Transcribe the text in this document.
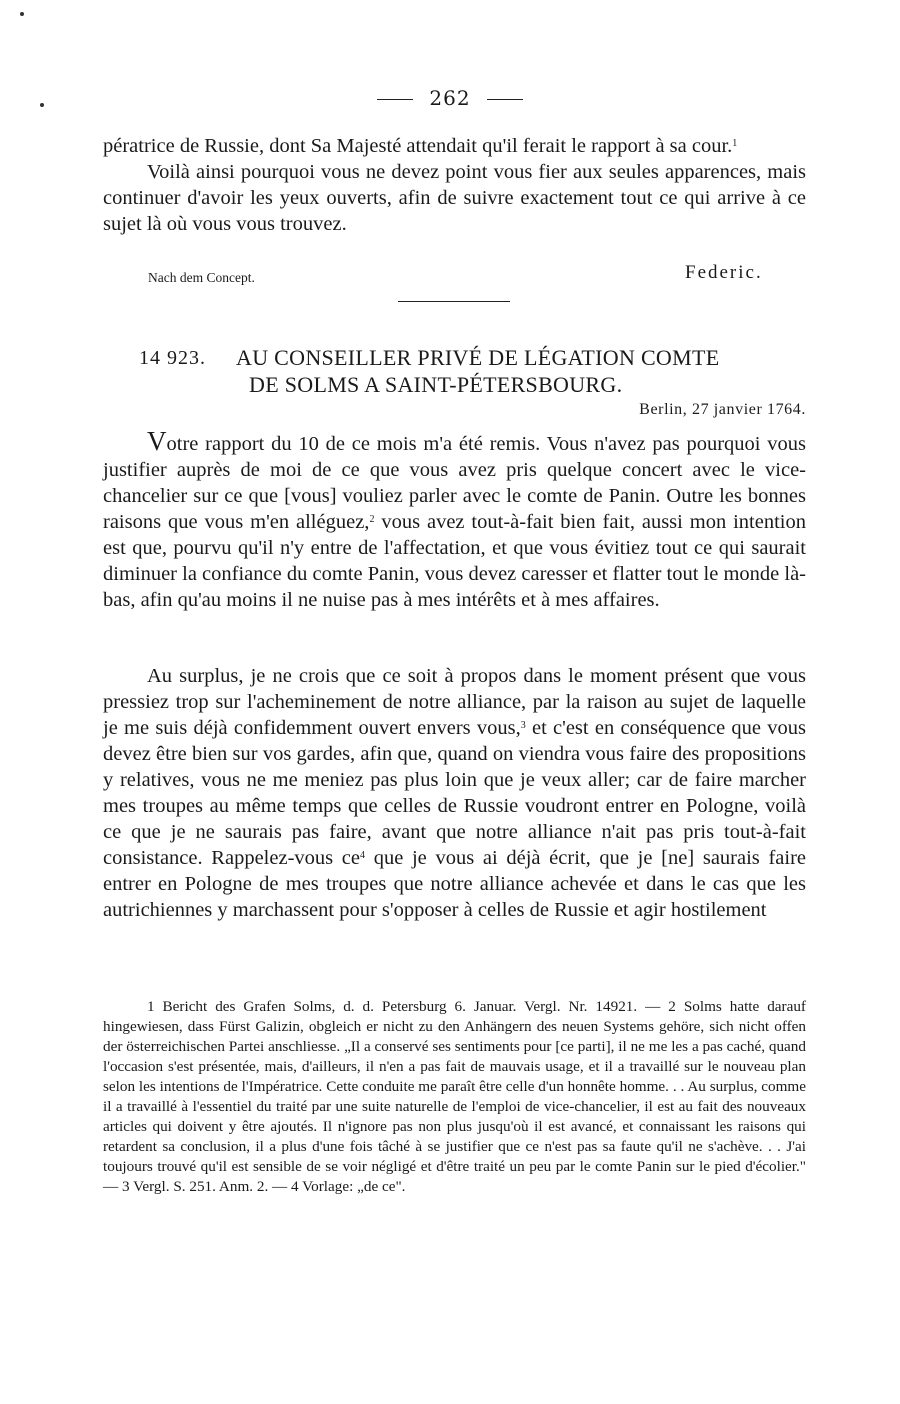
262
pératrice de Russie, dont Sa Majesté attendait qu'il ferait le rapport à sa cour.$^1$
Voilà ainsi pourquoi vous ne devez point vous fier aux seules apparences, mais continuer d'avoir les yeux ouverts, afin de suivre exactement tout ce qui arrive à ce sujet là où vous vous trouvez.
Nach dem Concept.	Federic.
14 923. AU CONSEILLER PRIVÉ DE LÉGATION COMTE
DE SOLMS A SAINT-PÉTERSBOURG.
Berlin, 27 janvier 1764.
Votre rapport du 10 de ce mois m'a été remis. Vous n'avez pas pourquoi vous justifier auprès de moi de ce que vous avez pris quelque concert avec le vice-chancelier sur ce que [vous] vouliez parler avec le comte de Panin. Outre les bonnes raisons que vous m'en alléguez,$^2$ vous avez tout-à-fait bien fait, aussi mon intention est que, pourvu qu'il n'y entre de l'affectation, et que vous évitiez tout ce qui saurait diminuer la confiance du comte Panin, vous devez caresser et flatter tout le monde là-bas, afin qu'au moins il ne nuise pas à mes intérêts et à mes affaires.
Au surplus, je ne crois que ce soit à propos dans le moment présent que vous pressiez trop sur l'acheminement de notre alliance, par la raison au sujet de laquelle je me suis déjà confidemment ouvert envers vous,$^3$ et c'est en conséquence que vous devez être bien sur vos gardes, afin que, quand on viendra vous faire des propositions y relatives, vous ne me meniez pas plus loin que je veux aller; car de faire marcher mes troupes au même temps que celles de Russie voudront entrer en Pologne, voilà ce que je ne saurais pas faire, avant que notre alliance n'ait pas pris tout-à-fait consistance. Rappelez-vous $ce^4$ que je vous ai déjà écrit, que je [ne] saurais faire entrer en Pologne de mes troupes que notre alliance achevée et dans le cas que les autrichiennes y marchassent pour s'opposer à celles de Russie et agir hostilement
1 Bericht des Grafen Solms, d. d. Petersburg 6. Januar. Vergl. Nr. 14921. — 2 Solms hatte darauf hingewiesen, dass Fürst Galizin, obgleich er nicht zu den Anhängern des neuen Systems gehöre, sich nicht offen der österreichischen Partei anschliesse. „Il a conservé ses sentiments pour [ce parti], il ne me les a pas caché, quand l'occasion s'est présentée, mais, d'ailleurs, il n'en a pas fait de mauvais usage, et il a travaillé sur le nouveau plan selon les intentions de l'Impératrice. Cette conduite me paraît être celle d'un honnête homme. . . Au surplus, comme il a travaillé à l'essentiel du traité par une suite naturelle de l'emploi de vice-chancelier, il est au fait des nouveaux articles qui doivent y être ajoutés. Il n'ignore pas non plus jusqu'où il est avancé, et connaissant les raisons qui retardent sa conclusion, il a plus d'une fois tâché à se justifier que ce n'est pas sa faute qu'il ne s'achève. . . J'ai toujours trouvé qu'il est sensible de se voir négligé et d'être traité un peu par le comte Panin sur le pied d'écolier." — 3 Vergl. S. 251. Anm. 2. — 4 Vorlage: „de ce".
